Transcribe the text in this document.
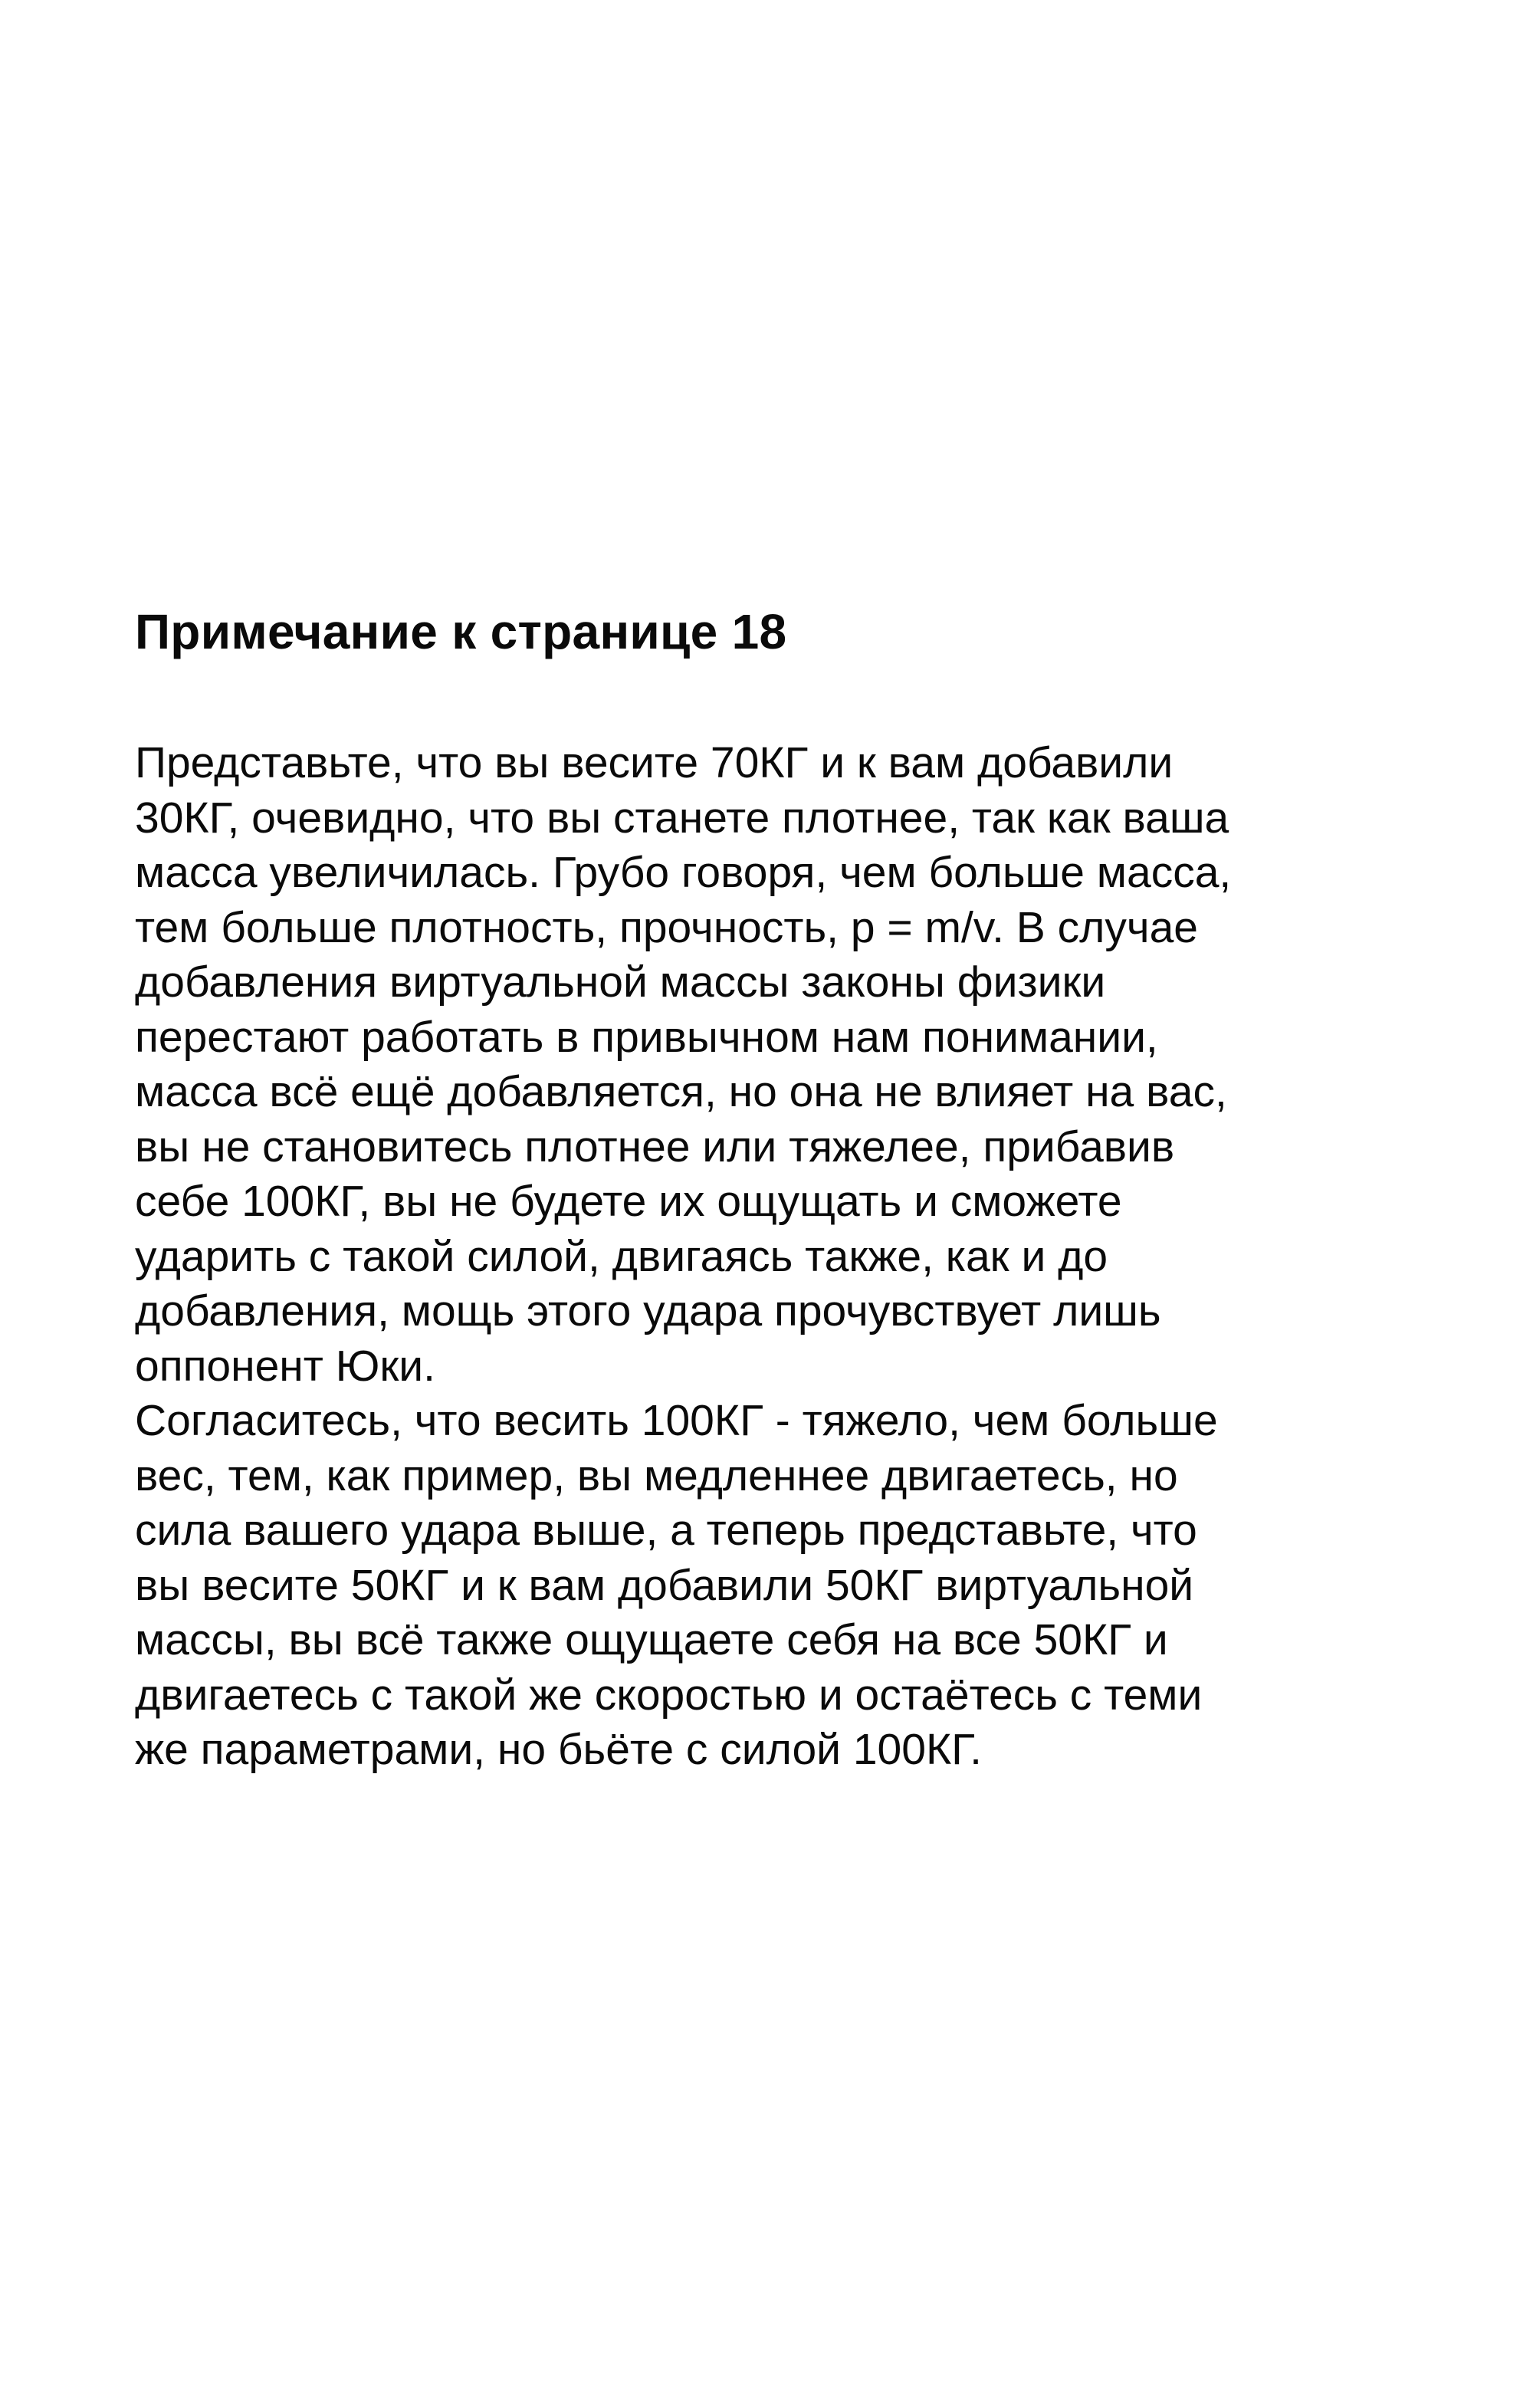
Примечание к странице 18
Представьте, что вы весите 70КГ и к вам добавили
30КГ, очевидно, что вы станете плотнее, так как ваша
масса увеличилась. Грубо говоря, чем больше масса,
тем больше плотность, прочность, p = m/v. В случае
добавления виртуальной массы законы физики
перестают работать в привычном нам понимании,
масса всё ещё добавляется, но она не влияет на вас,
вы не становитесь плотнее или тяжелее, прибавив
себе 100КГ, вы не будете их ощущать и сможете
ударить с такой силой, двигаясь также, как и до
добавления, мощь этого удара прочувствует лишь
оппонент Юки.
Согласитесь, что весить 100КГ - тяжело, чем больше
вес, тем, как пример, вы медленнее двигаетесь, но
сила вашего удара выше, а теперь представьте, что
вы весите 50КГ и к вам добавили 50КГ виртуальной
массы, вы всё также ощущаете себя на все 50КГ и
двигаетесь с такой же скоростью и остаётесь с теми
же параметрами, но бьёте с силой 100КГ.
